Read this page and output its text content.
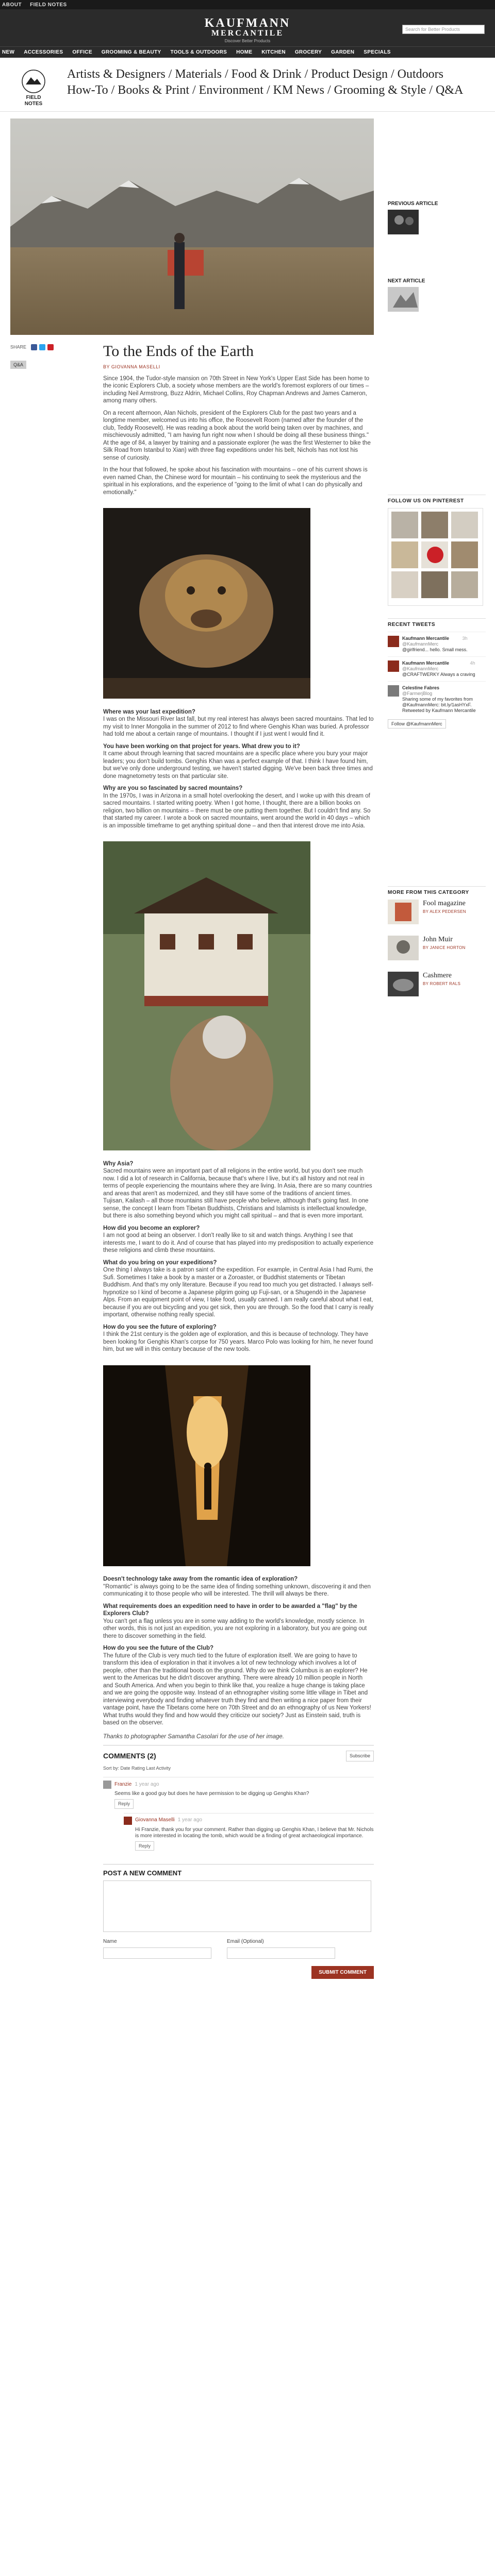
ABOUT FIELD NOTES
KAUFMANN
MERCANTILE
Discover Better Products
Search for Better Products
NEW ACCESSORIES OFFICE GROOMING & BEAUTY TOOLS & OUTDOORS HOME KITCHEN GROCERY GARDEN SPECIALS
FIELD
NOTES
Artists & Designers / Materials / Food & Drink / Product Design / Outdoors
How-To / Books & Print / Environment / KM News / Grooming & Style / Q&A
SHARE
Q&A
To the Ends of the Earth
BY GIOVANNA MASELLI

Since 1904, the Tudor-style mansion on 70th Street in New York's Upper East Side has been home to the iconic Explorers Club, a society whose members are the world's foremost explorers of our times – including Neil Armstrong, Buzz Aldrin, Michael Collins, Roy Chapman Andrews and James Cameron, among many others.

On a recent afternoon, Alan Nichols, president of the Explorers Club for the past two years and a longtime member, welcomed us into his office, the Roosevelt Room (named after the founder of the club, Teddy Roosevelt). He was reading a book about the world being taken over by machines, and mischievously admitted, "I am having fun right now when I should be doing all these business things." At the age of 84, a lawyer by training and a passionate explorer (he was the first Westerner to bike the Silk Road from Istanbul to Xian) with three flag expeditions under his belt, Nichols has not lost his sense of curiosity.

In the hour that followed, he spoke about his fascination with mountains – one of his current shows is even named Chan, the Chinese word for mountain – his continuing to seek the mysterious and the spiritual in his explorations, and the experience of "going to the limit of what I can do physically and emotionally."

Where was your last expedition?

I was on the Missouri River last fall, but my real interest has always been sacred mountains. That led to my visit to Inner Mongolia in the summer of 2012 to find where Genghis Khan was buried. A professor had told me about a certain range of mountains. I thought if I just went I would find it.

You have been working on that project for years. What drew you to it?

It came about through learning that sacred mountains are a specific place where you bury your major leaders; you don't build tombs. Genghis Khan was a perfect example of that. I think I have found him, but we've only done underground testing, we haven't started digging. We've been back three times and done magnetometry tests on that particular site.

Why are you so fascinated by sacred mountains?

In the 1970s, I was in Arizona in a small hotel overlooking the desert, and I woke up with this dream of sacred mountains. I started writing poetry. When I got home, I thought, there are a billion books on religion, two billion on mountains – there must be one putting them together. But I couldn't find any. So that started my career. I wrote a book on sacred mountains, went around the world in 40 days – which is an impossible timeframe to get anything spiritual done – and then that interest drove me into Asia.

Why Asia?

Sacred mountains were an important part of all religions in the entire world, but you don't see much now. I did a lot of research in California, because that's where I live, but it's all history and not real in terms of people experiencing the mountains where they are living. In Asia, there are so many countries and areas that aren't as modernized, and they still have some of the traditions of ancient times. Tujisan, Kailash – all those mountains still have people who believe, although that's going fast. In one sense, the concept I learn from Tibetan Buddhists, Christians and Islamists is intellectual knowledge, but there is also something beyond which you might call spiritual – and that is even more important.

How did you become an explorer?

I am not good at being an observer. I don't really like to sit and watch things. Anything I see that interests me, I want to do it. And of course that has played into my predisposition to actually experience these religions and climb these mountains.

What do you bring on your expeditions?

One thing I always take is a patron saint of the expedition. For example, in Central Asia I had Rumi, the Sufi. Sometimes I take a book by a master or a Zoroaster, or Buddhist statements or Tibetan Buddhism. And that's my only literature. Because if you read too much you get distracted. I always self-hypnotize so I kind of become a Japanese pilgrim going up Fuji-san, or a Shugendō in the Japanese Alps. From an equipment point of view, I take food, usually canned. I am really careful about what I eat, because if you are out bicycling and you get sick, then you are through. So the food that I carry is really important, otherwise nothing really special.

How do you see the future of exploring?

I think the 21st century is the golden age of exploration, and this is because of technology. They have been looking for Genghis Khan's corpse for 750 years. Marco Polo was looking for him, he never found him, but we will in this century because of the new tools.

Doesn't technology take away from the romantic idea of exploration?

"Romantic" is always going to be the same idea of finding something unknown, discovering it and then communicating it to those people who will be interested. The thrill will always be there.

What requirements does an expedition need to have in order to be awarded a "flag" by the Explorers Club?

You can't get a flag unless you are in some way adding to the world's knowledge, mostly science. In other words, this is not just an expedition, you are not exploring in a laboratory, but you are going out there to discover something in the field.

How do you see the future of the Club?

The future of the Club is very much tied to the future of exploration itself. We are going to have to transform this idea of exploration in that it involves a lot of new technology which involves a lot of people, other than the traditional boots on the ground. Why do we think Columbus is an explorer? He went to the Americas but he didn't discover anything. There were already 10 million people in North and South America. And when you begin to think like that, you realize a huge change is taking place and we are going the opposite way. Instead of an ethnographer visiting some little village in Tibet and interviewing everybody and finding whatever truth they find and then writing a nice paper from their vantage point, have the Tibetans come here on 70th Street and do an ethnography of us New Yorkers! What truths would they find and how would they criticize our society? Just as Einstein said, truth is based on the observer.

Thanks to photographer Samantha Casolari for the use of her image.

COMMENTS (2)	Subscribe
Sort by: Date Rating Last Activity
Franzie 1 year ago
Seems like a good guy but does he have permission to be digging up Genghis Khan?
Reply
Giovanna Maselli 1 year ago
Hi Franzie, thank you for your comment. Rather than digging up Genghis Khan, I believe that Mr. Nichols is more interested in locating the tomb, which would be a finding of great archaeological importance.
Reply
POST A NEW COMMENT
Name	Email (Optional)
SUBMIT COMMENT
PREVIOUS ARTICLE
NEXT ARTICLE
FOLLOW US ON PINTEREST
RECENT TWEETS
3h
Kaufmann Mercantile
@KaufmannMerc
@girlfriend... hello. Small mess.
4h
Kaufmann Mercantile
@KaufmannMerc
@CRAFTWERKY Always a craving
Celestine Fabres
@FarmerjBlog
Sharing some of my favorites from @KaufmannMerc: bit.ly/1asHYxF. Retweeted by Kaufmann Mercantile
Follow @KaufmannMerc
MORE FROM THIS CATEGORY
Fool magazine
BY ALEX PEDERSEN
John Muir
BY JANICE HORTON
Cashmere
BY ROBERT RALS
